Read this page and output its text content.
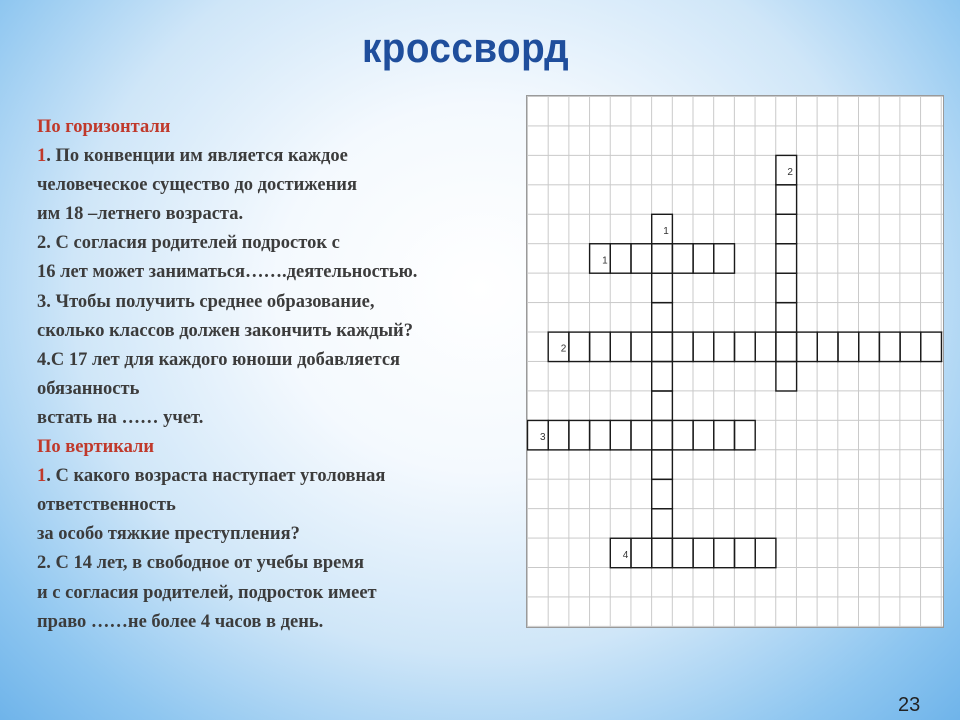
кроссворд
По горизонтали
1. По конвенции им является каждое
человеческое существо до достижения
им 18 –летнего возраста.
2. С согласия родителей подросток с
16 лет может заниматься…….деятельностью.
3. Чтобы получить среднее образование,
сколько классов должен закончить каждый?
4.С 17 лет для каждого юноши добавляется
обязанность
встать на …… учет.
По вертикали
1. С какого возраста наступает уголовная
ответственность
за особо тяжкие преступления?
2. С 14 лет, в свободное от учебы время
и с согласия родителей, подросток имеет
право ……не более 4 часов в день.
2
1
1
2
3
4
23
